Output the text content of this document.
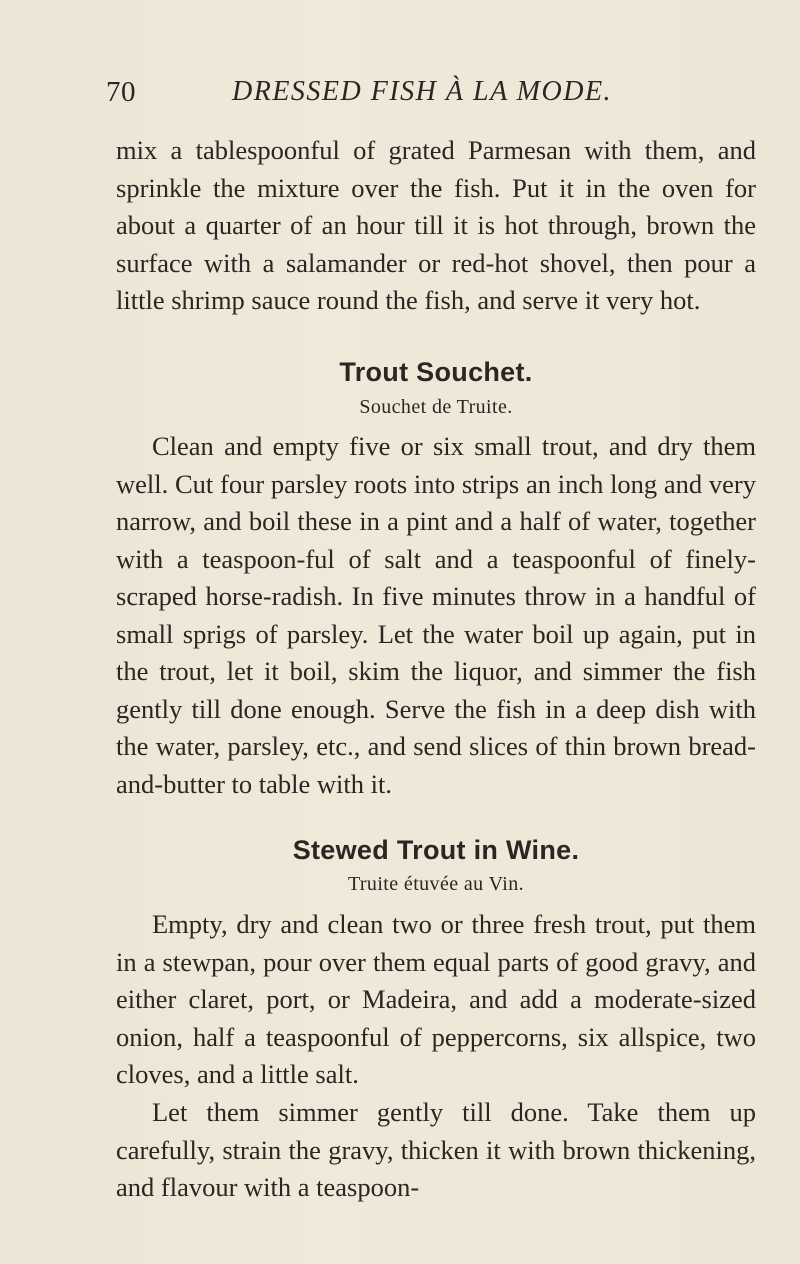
70	DRESSED FISH À LA MODE.

mix a tablespoonful of grated Parmesan with them, and sprinkle the mixture over the fish. Put it in the oven for about a quarter of an hour till it is hot through, brown the surface with a salamander or red-hot shovel, then pour a little shrimp sauce round the fish, and serve it very hot.

Trout Souchet.

Souchet de Truite.

Clean and empty five or six small trout, and dry them well. Cut four parsley roots into strips an inch long and very narrow, and boil these in a pint and a half of water, together with a teaspoon-ful of salt and a teaspoonful of finely-scraped horse-radish. In five minutes throw in a handful of small sprigs of parsley. Let the water boil up again, put in the trout, let it boil, skim the liquor, and simmer the fish gently till done enough. Serve the fish in a deep dish with the water, parsley, etc., and send slices of thin brown bread-and-butter to table with it.

Stewed Trout in Wine.

Truite étuvée au Vin.

Empty, dry and clean two or three fresh trout, put them in a stewpan, pour over them equal parts of good gravy, and either claret, port, or Madeira, and add a moderate-sized onion, half a teaspoonful of peppercorns, six allspice, two cloves, and a little salt.

Let them simmer gently till done. Take them up carefully, strain the gravy, thicken it with brown thickening, and flavour with a teaspoon-
